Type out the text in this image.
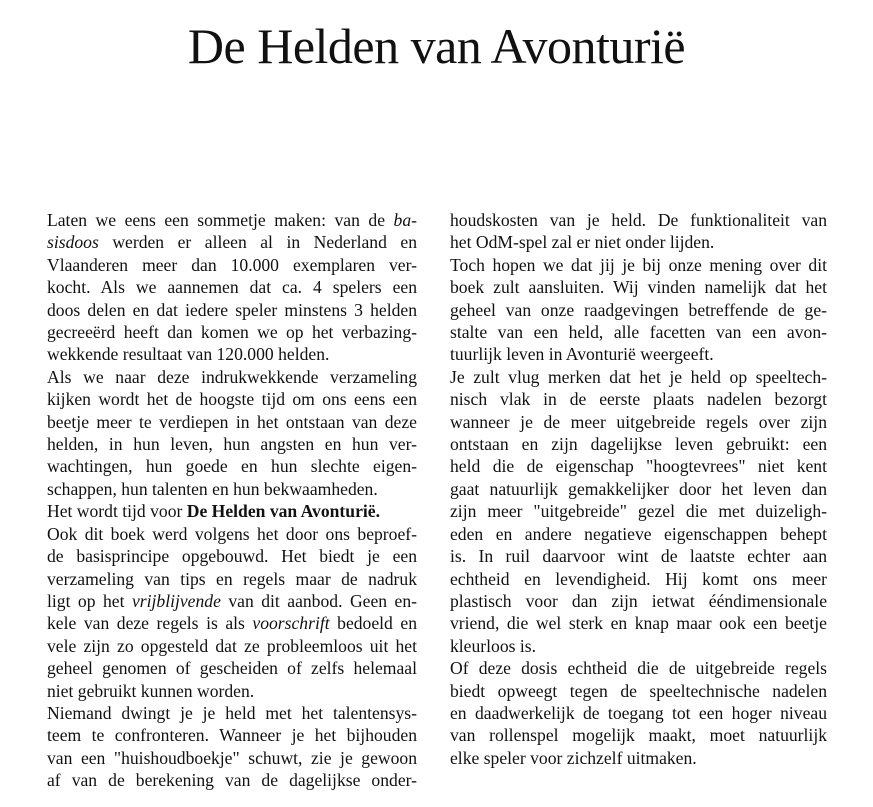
De Helden van Avonturië

Laten we eens een sommetje maken: van de ba-
sisdoos werden er alleen al in Nederland en
Vlaanderen meer dan 10.000 exemplaren ver-
kocht. Als we aannemen dat ca. 4 spelers een
doos delen en dat iedere speler minstens 3 helden
gecreeërd heeft dan komen we op het verbazing-
wekkende resultaat van 120.000 helden.

Als we naar deze indrukwekkende verzameling
kijken wordt het de hoogste tijd om ons eens een
beetje meer te verdiepen in het ontstaan van deze
helden, in hun leven, hun angsten en hun ver-
wachtingen, hun goede en hun slechte eigen-
schappen, hun talenten en hun bekwaamheden.

Het wordt tijd voor De Helden van Avonturië.

Ook dit boek werd volgens het door ons beproef-
de basisprincipe opgebouwd. Het biedt je een
verzameling van tips en regels maar de nadruk
ligt op het vrijblijvende van dit aanbod. Geen en-
kele van deze regels is als voorschrift bedoeld en
vele zijn zo opgesteld dat ze probleemloos uit het
geheel genomen of gescheiden of zelfs helemaal
niet gebruikt kunnen worden.

Niemand dwingt je je held met het talentensys-
teem te confronteren. Wanneer je het bijhouden
van een "huishoudboekje" schuwt, zie je gewoon
af van de berekening van de dagelijkse onder-

houdskosten van je held. De funktionaliteit van
het OdM-spel zal er niet onder lijden.

Toch hopen we dat jij je bij onze mening over dit
boek zult aansluiten. Wij vinden namelijk dat het
geheel van onze raadgevingen betreffende de ge-
stalte van een held, alle facetten van een avon-
tuurlijk leven in Avonturië weergeeft.

Je zult vlug merken dat het je held op speeltech-
nisch vlak in de eerste plaats nadelen bezorgt
wanneer je de meer uitgebreide regels over zijn
ontstaan en zijn dagelijkse leven gebruikt: een
held die de eigenschap "hoogtevrees" niet kent
gaat natuurlijk gemakkelijker door het leven dan
zijn meer "uitgebreide" gezel die met duizeligh-
eden en andere negatieve eigenschappen behept
is. In ruil daarvoor wint de laatste echter aan
echtheid en levendigheid. Hij komt ons meer
plastisch voor dan zijn ietwat ééndimensionale
vriend, die wel sterk en knap maar ook een beetje
kleurloos is.

Of deze dosis echtheid die de uitgebreide regels
biedt opweegt tegen de speeltechnische nadelen
en daadwerkelijk de toegang tot een hoger niveau
van rollenspel mogelijk maakt, moet natuurlijk
elke speler voor zichzelf uitmaken.
